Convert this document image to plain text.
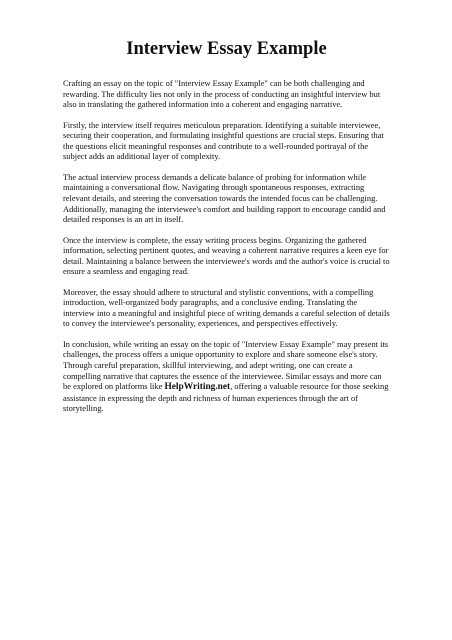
Interview Essay Example

Crafting an essay on the topic of "Interview Essay Example" can be both challenging and rewarding. The difficulty lies not only in the process of conducting an insightful interview but also in translating the gathered information into a coherent and engaging narrative.

Firstly, the interview itself requires meticulous preparation. Identifying a suitable interviewee, securing their cooperation, and formulating insightful questions are crucial steps. Ensuring that the questions elicit meaningful responses and contribute to a well-rounded portrayal of the subject adds an additional layer of complexity.

The actual interview process demands a delicate balance of probing for information while maintaining a conversational flow. Navigating through spontaneous responses, extracting relevant details, and steering the conversation towards the intended focus can be challenging. Additionally, managing the interviewee's comfort and building rapport to encourage candid and detailed responses is an art in itself.

Once the interview is complete, the essay writing process begins. Organizing the gathered information, selecting pertinent quotes, and weaving a coherent narrative requires a keen eye for detail. Maintaining a balance between the interviewee's words and the author's voice is crucial to ensure a seamless and engaging read.

Moreover, the essay should adhere to structural and stylistic conventions, with a compelling introduction, well-organized body paragraphs, and a conclusive ending. Translating the interview into a meaningful and insightful piece of writing demands a careful selection of details to convey the interviewee's personality, experiences, and perspectives effectively.

In conclusion, while writing an essay on the topic of "Interview Essay Example" may present its challenges, the process offers a unique opportunity to explore and share someone else's story. Through careful preparation, skillful interviewing, and adept writing, one can create a compelling narrative that captures the essence of the interviewee. Similar essays and more can be explored on platforms like HelpWriting.net, offering a valuable resource for those seeking assistance in expressing the depth and richness of human experiences through the art of storytelling.
